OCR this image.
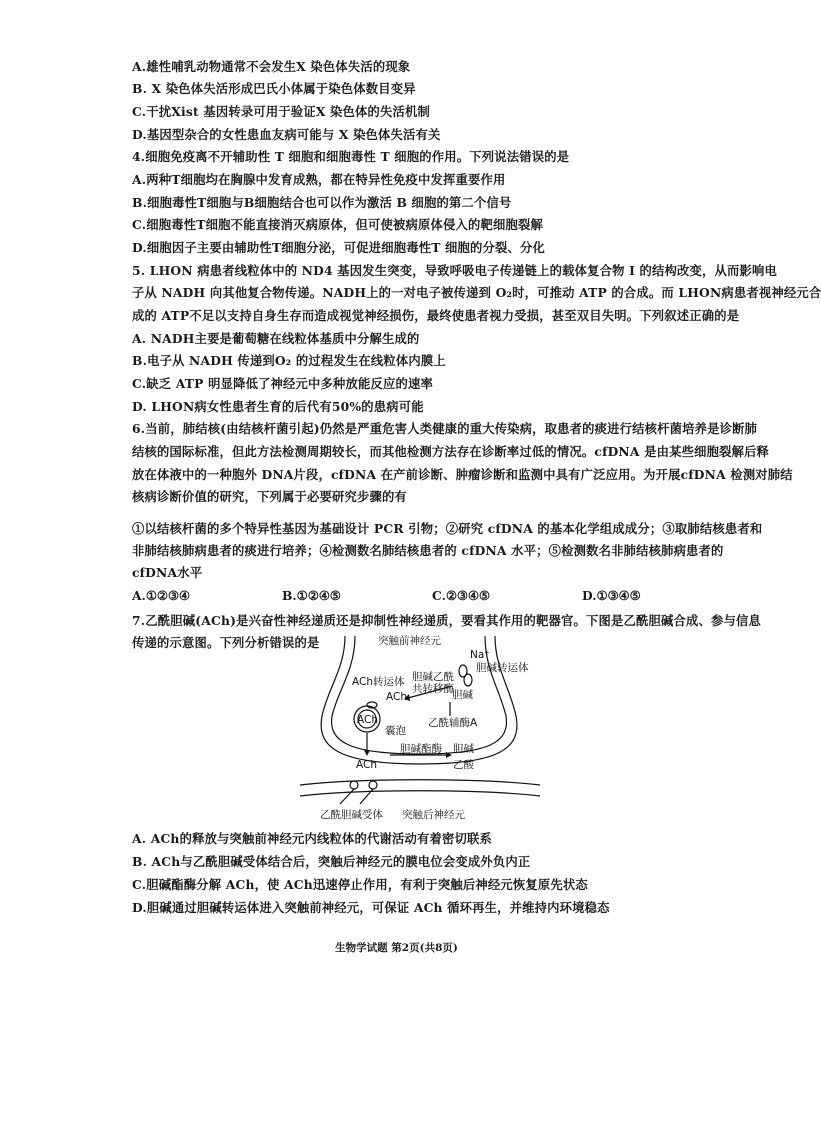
A.雄性哺乳动物通常不会发生X 染色体失活的现象
B. X 染色体失活形成巴氏小体属于染色体数目变异
C.干扰Xist 基因转录可用于验证X 染色体的失活机制
D.基因型杂合的女性患血友病可能与 X 染色体失活有关
4.细胞免疫离不开辅助性 T 细胞和细胞毒性 T 细胞的作用。下列说法错误的是
A.两种T细胞均在胸腺中发育成熟，都在特异性免疫中发挥重要作用
B.细胞毒性T细胞与B细胞结合也可以作为激活 B 细胞的第二个信号
C.细胞毒性T细胞不能直接消灭病原体，但可使被病原体侵入的靶细胞裂解
D.细胞因子主要由辅助性T细胞分泌，可促进细胞毒性T 细胞的分裂、分化
5. LHON 病患者线粒体中的 ND4 基因发生突变，导致呼吸电子传递链上的载体复合物 Ⅰ 的结构改变，从而影响电
子从 NADH 向其他复合物传递。NADH上的一对电子被传递到 O₂时，可推动 ATP 的合成。而 LHON病患者视神经元合
成的 ATP不足以支持自身生存而造成视觉神经损伤，最终使患者视力受损，甚至双目失明。下列叙述正确的是
A. NADH主要是葡萄糖在线粒体基质中分解生成的
B.电子从 NADH 传递到O₂ 的过程发生在线粒体内膜上
C.缺乏 ATP 明显降低了神经元中多种放能反应的速率
D. LHON病女性患者生育的后代有50%的患病可能
6.当前，肺结核(由结核杆菌引起)仍然是严重危害人类健康的重大传染病，取患者的痰进行结核杆菌培养是诊断肺
结核的国际标准，但此方法检测周期较长，而其他检测方法存在诊断率过低的情况。cfDNA 是由某些细胞裂解后释
放在体液中的一种胞外 DNA片段，cfDNA 在产前诊断、肿瘤诊断和监测中具有广泛应用。为开展cfDNA 检测对肺结
核病诊断价值的研究，下列属于必要研究步骤的有
①以结核杆菌的多个特异性基因为基础设计 PCR 引物；②研究 cfDNA 的基本化学组成成分；③取肺结核患者和
非肺结核肺病患者的痰进行培养；④检测数名肺结核患者的 cfDNA 水平；⑤检测数名非肺结核肺病患者的
cfDNA水平
A.①②③④	B.①②④⑤	C.②③④⑤	D.①③④⑤
7.乙酰胆碱(ACh)是兴奋性神经递质还是抑制性神经递质，要看其作用的靶器官。下图是乙酰胆碱合成、参与信息
传递的示意图。下列分析错误的是	突触前神经元
Na⁺
胆碱转运体
ACh转运体 胆碱乙酰
共转移酶
ACh	胆碱
乙酰辅酶A
ACh
囊泡
ACh
胆碱酯酶 胆碱
乙酸
乙酰胆碱受体 突触后神经元
A. ACh的释放与突触前神经元内线粒体的代谢活动有着密切联系
B. ACh与乙酰胆碱受体结合后，突触后神经元的膜电位会变成外负内正
C.胆碱酯酶分解 ACh，使 ACh迅速停止作用，有利于突触后神经元恢复原先状态
D.胆碱通过胆碱转运体进入突触前神经元，可保证 ACh 循环再生，并维持内环境稳态
生物学试题 第2页(共8页)
